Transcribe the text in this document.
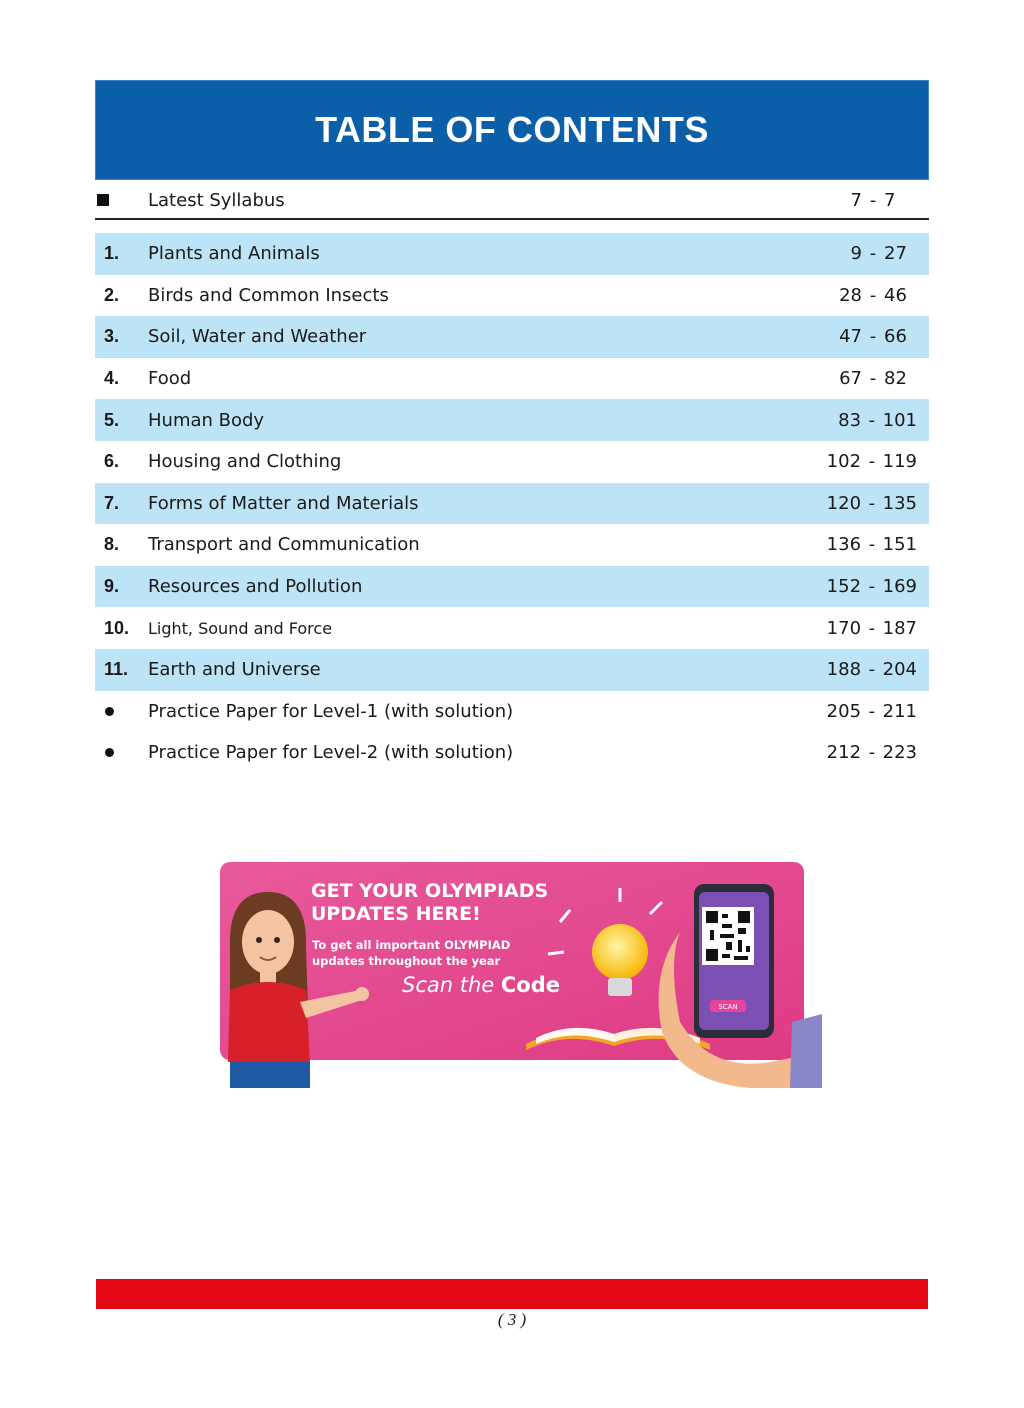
TABLE OF CONTENTS
Latest Syllabus	7 - 7
1.	Plants and Animals	9 - 27
2.	Birds and Common Insects	28 - 46
3.	Soil, Water and Weather	47 - 66
4.	Food	67 - 82
5.	Human Body	83 - 101
6.	Housing and Clothing	102 - 119
7.	Forms of Matter and Materials	120 - 135
8.	Transport and Communication	136 - 151
9.	Resources and Pollution	152 - 169
10.	Light, Sound and Force	170 - 187
11.	Earth and Universe	188 - 204
Practice Paper for Level-1 (with solution)	205 - 211
Practice Paper for Level-2 (with solution)	212 - 223
GET YOUR OLYMPIADS
UPDATES HERE!
To get all important OLYMPIAD
updates throughout the year
Scan the Code
SCAN
( 3 )
